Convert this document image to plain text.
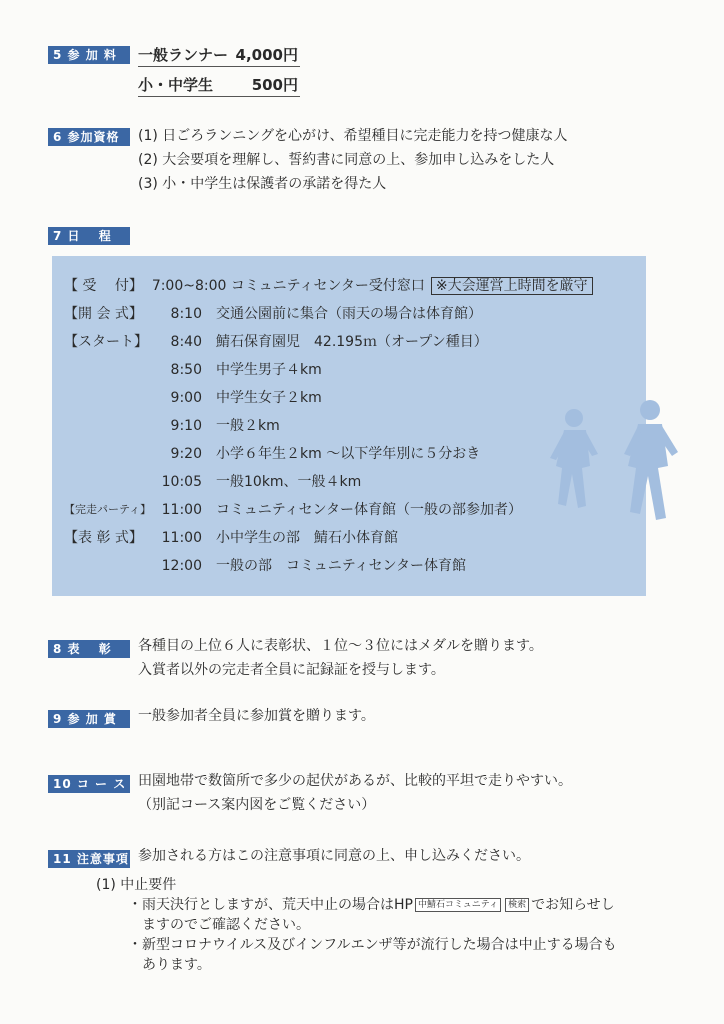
5 参 加 料	一般ランナー 4,000円
小・中学生	500円
6 参加資格	(1) 日ごろランニングを心がけ、希望種目に完走能力を持つ健康な人
(2) 大会要項を理解し、誓約書に同意の上、参加申し込みをした人
(3) 小・中学生は保護者の承諾を得た人
7 日　 程
【 受　 付】 7:00~8:00 コミュニティセンター受付窓口 ※大会運営上時間を厳守
【開 会 式】	8:10 交通公園前に集合（雨天の場合は体育館）
【スタート】	8:40 鯖石保育園児　42.195ｍ（オープン種目）
8:50 中学生男子４km
9:00 中学生女子２km
9:10 一般２km
9:20 小学６年生２km ～以下学年別に５分おき
10:05 一般10km、一般４km
【完走パーティ】 11:00 コミュニティセンター体育館（一般の部参加者）
【表 彰 式】	11:00 小中学生の部　鯖石小体育館
12:00 一般の部　コミュニティセンター体育館
8 表　 彰	各種目の上位６人に表彰状、１位～３位にはメダルを贈ります。
入賞者以外の完走者全員に記録証を授与します。
9 参 加 賞	一般参加者全員に参加賞を贈ります。
10 コ ー ス 田園地帯で数箇所で多少の起伏があるが、比較的平坦で走りやすい。
（別記コース案内図をご覧ください）
11 注意事項 参加される方はこの注意事項に同意の上、申し込みください。
(1) 中止要件
・雨天決行としますが、荒天中止の場合はHP 中鯖石コミュニティ 検索 でお知らせし
ますのでご確認ください。
・新型コロナウイルス及びインフルエンザ等が流行した場合は中止する場合も
あります。
